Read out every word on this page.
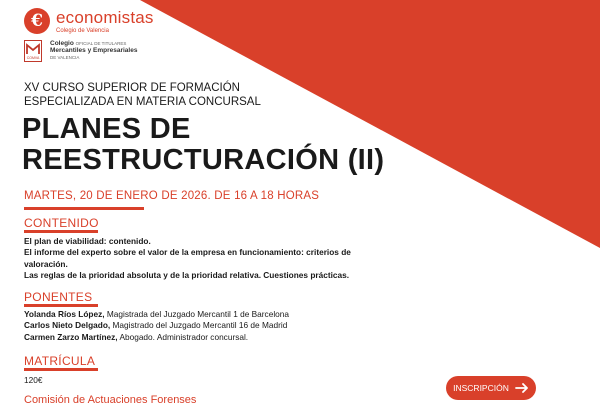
€ economistas
Colegio de Valencia
COMVA
Colegio OFICIAL DE TITULARES
Mercantiles y Empresariales
DE VALENCIA
XV CURSO SUPERIOR DE FORMACIÓN
ESPECIALIZADA EN MATERIA CONCURSAL
PLANES DE
REESTRUCTURACIÓN (II)
MARTES, 20 DE ENERO DE 2026. DE 16 A 18 HORAS
CONTENIDO
El plan de viabilidad: contenido.
El informe del experto sobre el valor de la empresa en funcionamiento: criterios de
valoración.
Las reglas de la prioridad absoluta y de la prioridad relativa. Cuestiones prácticas.
PONENTES
Yolanda Ríos López, Magistrada del Juzgado Mercantil 1 de Barcelona
Carlos Nieto Delgado, Magistrado del Juzgado Mercantil 16 de Madrid
Carmen Zarzo Martínez, Abogado. Administrador concursal.
MATRÍCULA
120€
INSCRIPCIÓN
Comisión de Actuaciones Forenses
